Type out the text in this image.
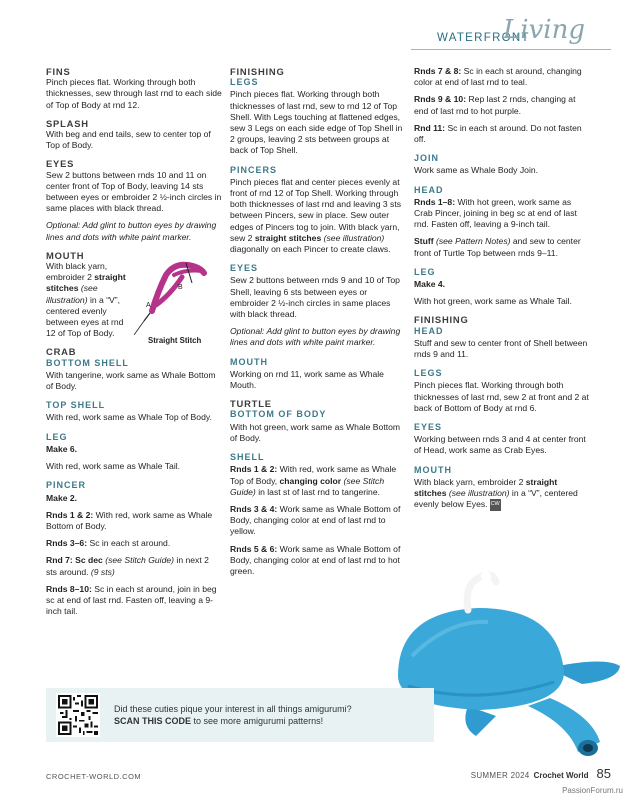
WATERFRONT
Living
FINS

Pinch pieces flat. Working through both thicknesses, sew through last rnd to each side of Top of Body at rnd 12.

SPLASH

With beg and end tails, sew to center top of Top of Body.

EYES

Sew 2 buttons between rnds 10 and 11 on center front of Top of Body, leaving 14 sts between eyes or embroider 2 ½-inch circles in same places with black thread.

Optional: Add glint to button eyes by drawing lines and dots with white paint marker.

MOUTH

With black yarn, embroider 2 straight stitches (see illustration) in a “V”, centered evenly between eyes at rnd 12 of Top of Body.

A
B
Straight Stitch
CRAB
BOTTOM SHELL

With tangerine, work same as Whale Bottom of Body.

TOP SHELL

With red, work same as Whale Top of Body.

LEG

Make 6.

With red, work same as Whale Tail.

PINCER

Make 2.

Rnds 1 & 2: With red, work same as Whale Bottom of Body.

Rnds 3–6: Sc in each st around.

Rnd 7: Sc dec (see Stitch Guide) in next 2 sts around. (9 sts)

Rnds 8–10: Sc in each st around, join in beg sc at end of last rnd. Fasten off, leaving a 9-inch tail.

FINISHING
LEGS

Pinch pieces flat. Working through both thicknesses of last rnd, sew to rnd 12 of Top Shell. With Legs touching at flattened edges, sew 3 Legs on each side edge of Top Shell in 2 groups, leaving 2 sts between groups at back of Top Shell.

PINCERS

Pinch pieces flat and center pieces evenly at front of rnd 12 of Top Shell. Working through both thicknesses of last rnd and leaving 3 sts between Pincers, sew in place. Sew outer edges of Pincers tog to join. With black yarn, sew 2 straight stitches (see illustration) diagonally on each Pincer to create claws.

EYES

Sew 2 buttons between rnds 9 and 10 of Top Shell, leaving 6 sts between eyes or embroider 2 ½-inch circles in same places with black thread.

Optional: Add glint to button eyes by drawing lines and dots with white paint marker.

MOUTH

Working on rnd 11, work same as Whale Mouth.

TURTLE
BOTTOM OF BODY

With hot green, work same as Whale Bottom of Body.

SHELL

Rnds 1 & 2: With red, work same as Whale Top of Body, changing color (see Stitch Guide) in last st of last rnd to tangerine.

Rnds 3 & 4: Work same as Whale Bottom of Body, changing color at end of last rnd to yellow.

Rnds 5 & 6: Work same as Whale Bottom of Body, changing color at end of last rnd to hot green.

Rnds 7 & 8: Sc in each st around, changing color at end of last rnd to teal.

Rnds 9 & 10: Rep last 2 rnds, changing at end of last rnd to hot purple.

Rnd 11: Sc in each st around. Do not fasten off.

JOIN

Work same as Whale Body Join.

HEAD

Rnds 1–8: With hot green, work same as Crab Pincer, joining in beg sc at end of last rnd. Fasten off, leaving a 9-inch tail.

Stuff (see Pattern Notes) and sew to center front of Turtle Top between rnds 9–11.

LEG

Make 4.

With hot green, work same as Whale Tail.

FINISHING
HEAD

Stuff and sew to center front of Shell between rnds 9 and 11.

LEGS

Pinch pieces flat. Working through both thicknesses of last rnd, sew 2 at front and 2 at back of Bottom of Body at rnd 6.

EYES

Working between rnds 3 and 4 at center front of Head, work same as Crab Eyes.

MOUTH

With black yarn, embroider 2 straight stitches (see illustration) in a “V”, centered evenly below Eyes. CW

Did these cuties pique your interest in all things amigurumi?
SCAN THIS CODE to see more amigurumi patterns!
CROCHET-WORLD.COM	SUMMER 2024 Crochet World 85
PassionForum.ru
